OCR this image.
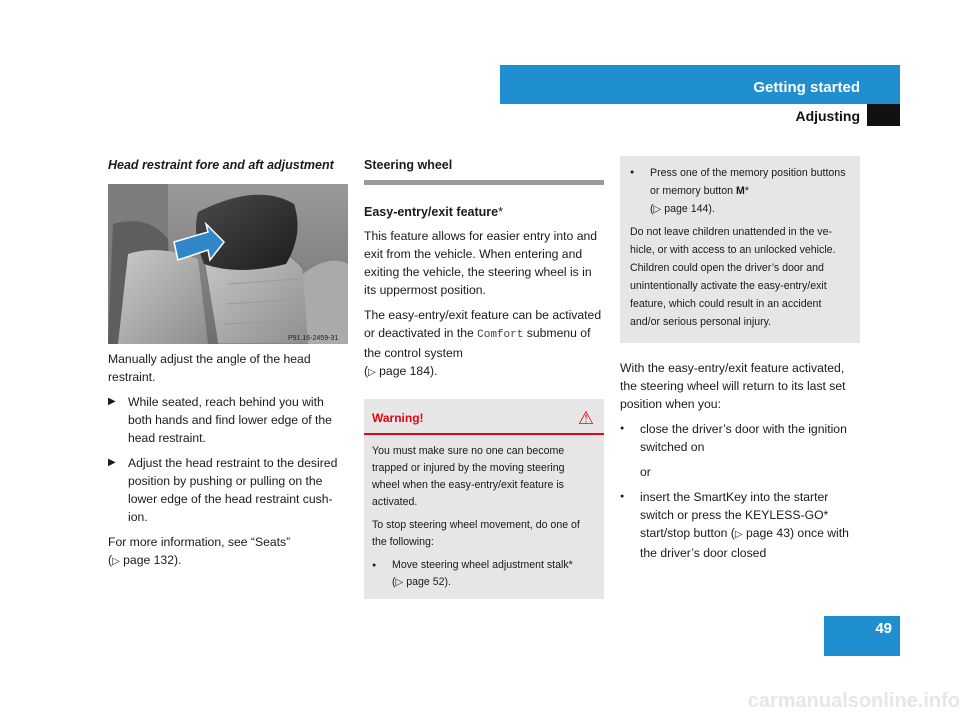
Getting started
Adjusting
Head restraint fore and aft adjustment
P91.16-2459-31

Manually adjust the angle of the head restraint.

▶	While seated, reach behind you with both hands and find lower edge of the head restraint.
▶	Adjust the head restraint to the desired position by pushing or pulling on the lower edge of the head restraint cush-ion.

For more information, see “Seats”
(▷ page 132).

Steering wheel
Easy-entry/exit feature*

This feature allows for easier entry into and exit from the vehicle. When entering and exiting the vehicle, the steering wheel is in its uppermost position.

The easy-entry/exit feature can be activated or deactivated in the Comfort submenu of the control system
(▷ page 184).

Warning!	⚠

You must make sure no one can become trapped or injured by the moving steering wheel when the easy-entry/exit feature is activated.

To stop steering wheel movement, do one of the following:

●	Move steering wheel adjustment stalk*
(▷ page 52).
●	Press one of the memory position buttons or memory button M*
(▷ page 144).

Do not leave children unattended in the ve-hicle, or with access to an unlocked vehicle. Children could open the driver’s door and unintentionally activate the easy-entry/exit feature, which could result in an accident and/or serious personal injury.

With the easy-entry/exit feature activated, the steering wheel will return to its last set position when you:

●	close the driver’s door with the ignition switched on
or
●	insert the SmartKey into the starter switch or press the KEYLESS-GO* start/stop button (▷ page 43) once with the driver’s door closed
49
carmanualsonline.info
